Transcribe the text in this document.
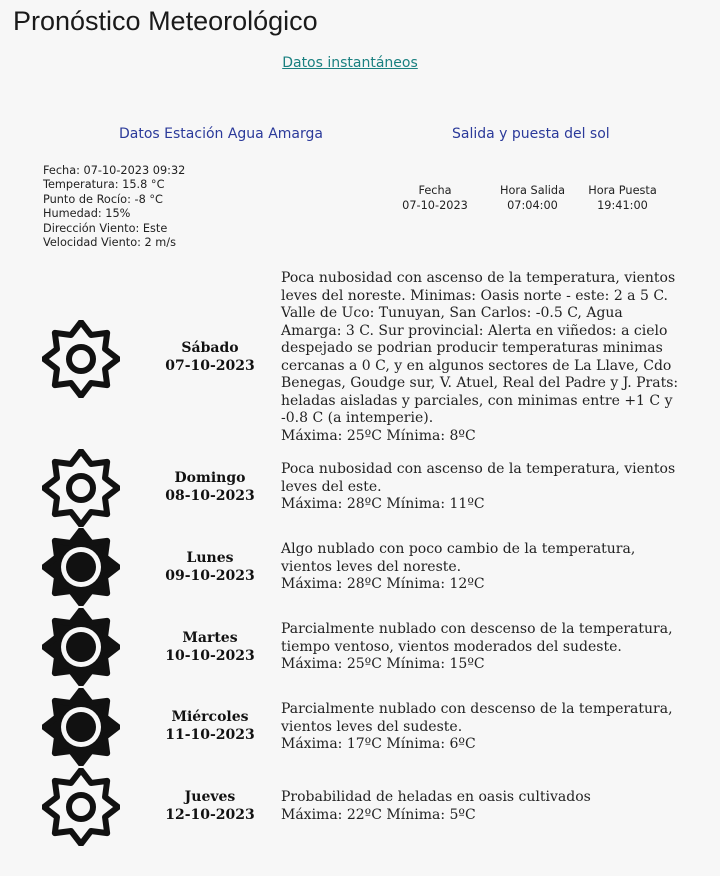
Pronóstico Meteorológico
Datos instantáneos
Datos Estación Agua Amarga	Salida y puesta del sol
Fecha: 07-10-2023 09:32
Temperatura: 15.8 °C
Punto de Rocío: -8 °C
Humedad: 15%
Dirección Viento: Este
Velocidad Viento: 2 m/s
Fecha
07-10-2023
Hora Salida
07:04:00
Hora Puesta
19:41:00
Sábado
07-10-2023
Poca nubosidad con ascenso de la temperatura, vientos leves del noreste. Minimas: Oasis norte - este: 2 a 5 C. Valle de Uco: Tunuyan, San Carlos: -0.5 C, Agua Amarga: 3 C. Sur provincial: Alerta en viñedos: a cielo despejado se podrian producir temperaturas minimas cercanas a 0 C, y en algunos sectores de La Llave, Cdo Benegas, Goudge sur, V. Atuel, Real del Padre y J. Prats: heladas aisladas y parciales, con minimas entre +1 C y -0.8 C (a intemperie).
Máxima: 25ºC Mínima: 8ºC
Domingo
08-10-2023
Poca nubosidad con ascenso de la temperatura, vientos leves del este.
Máxima: 28ºC Mínima: 11ºC
Lunes
09-10-2023
Algo nublado con poco cambio de la temperatura, vientos leves del noreste.
Máxima: 28ºC Mínima: 12ºC
Martes
10-10-2023
Parcialmente nublado con descenso de la temperatura, tiempo ventoso, vientos moderados del sudeste.
Máxima: 25ºC Mínima: 15ºC
Miércoles
11-10-2023
Parcialmente nublado con descenso de la temperatura, vientos leves del sudeste.
Máxima: 17ºC Mínima: 6ºC
Jueves
12-10-2023
Probabilidad de heladas en oasis cultivados
Máxima: 22ºC Mínima: 5ºC
